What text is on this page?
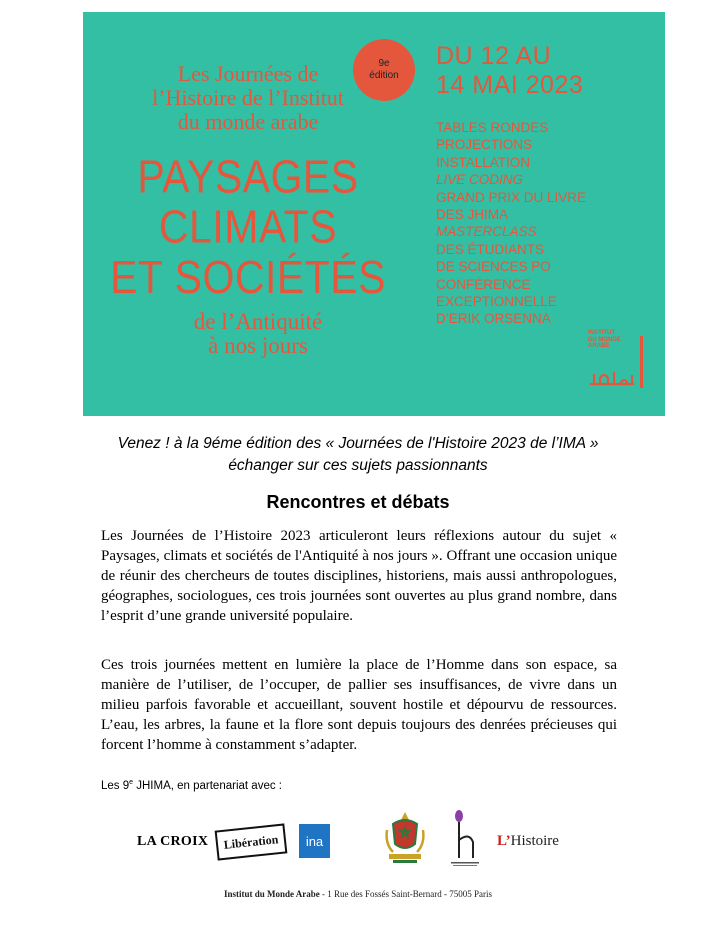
Les Journées de
l’Histoire de l’Institut
du monde arabe
PAYSAGES
CLIMATS
ET SOCIÉTÉS
de l’Antiquité
à nos jours
9e
édition
DU 12 AU
14 MAI 2023
TABLES RONDES
PROJECTIONS
INSTALLATION
LIVE CODING
GRAND PRIX DU LIVRE
DES JHIMA
MASTERCLASS
DES ÉTUDIANTS
DE SCIENCES PO
CONFÉRENCE
EXCEPTIONNELLE
D’ERIK ORSENNA
INSTITUT
DU MONDE
ARABE
Venez ! à la 9éme édition des « Journées de l'Histoire 2023 de l’IMA »
échanger sur ces sujets passionnants
Rencontres et débats

Les Journées de l’Histoire 2023 articuleront leurs réflexions autour du sujet « Paysages, climats et sociétés de l'Antiquité à nos jours ». Offrant une occasion unique de réunir des chercheurs de toutes disciplines, historiens, mais aussi anthropologues, géographes, sociologues, ces trois journées sont ouvertes au plus grand nombre, dans l’esprit d’une grande université populaire.

Ces trois journées mettent en lumière la place de l’Homme dans son espace, sa manière de l’utiliser, de l’occuper, de pallier ses insuffisances, de vivre dans un milieu parfois favorable et accueillant, souvent hostile et dépourvu de ressources. L’eau, les arbres, la faune et la flore sont depuis toujours des denrées précieuses qui forcent l’homme à constamment s’adapter.

Les 9e JHIMA, en partenariat avec :
LA CROIX Libération	ina	L’Histoire
Institut du Monde Arabe - 1 Rue des Fossés Saint-Bernard - 75005 Paris
